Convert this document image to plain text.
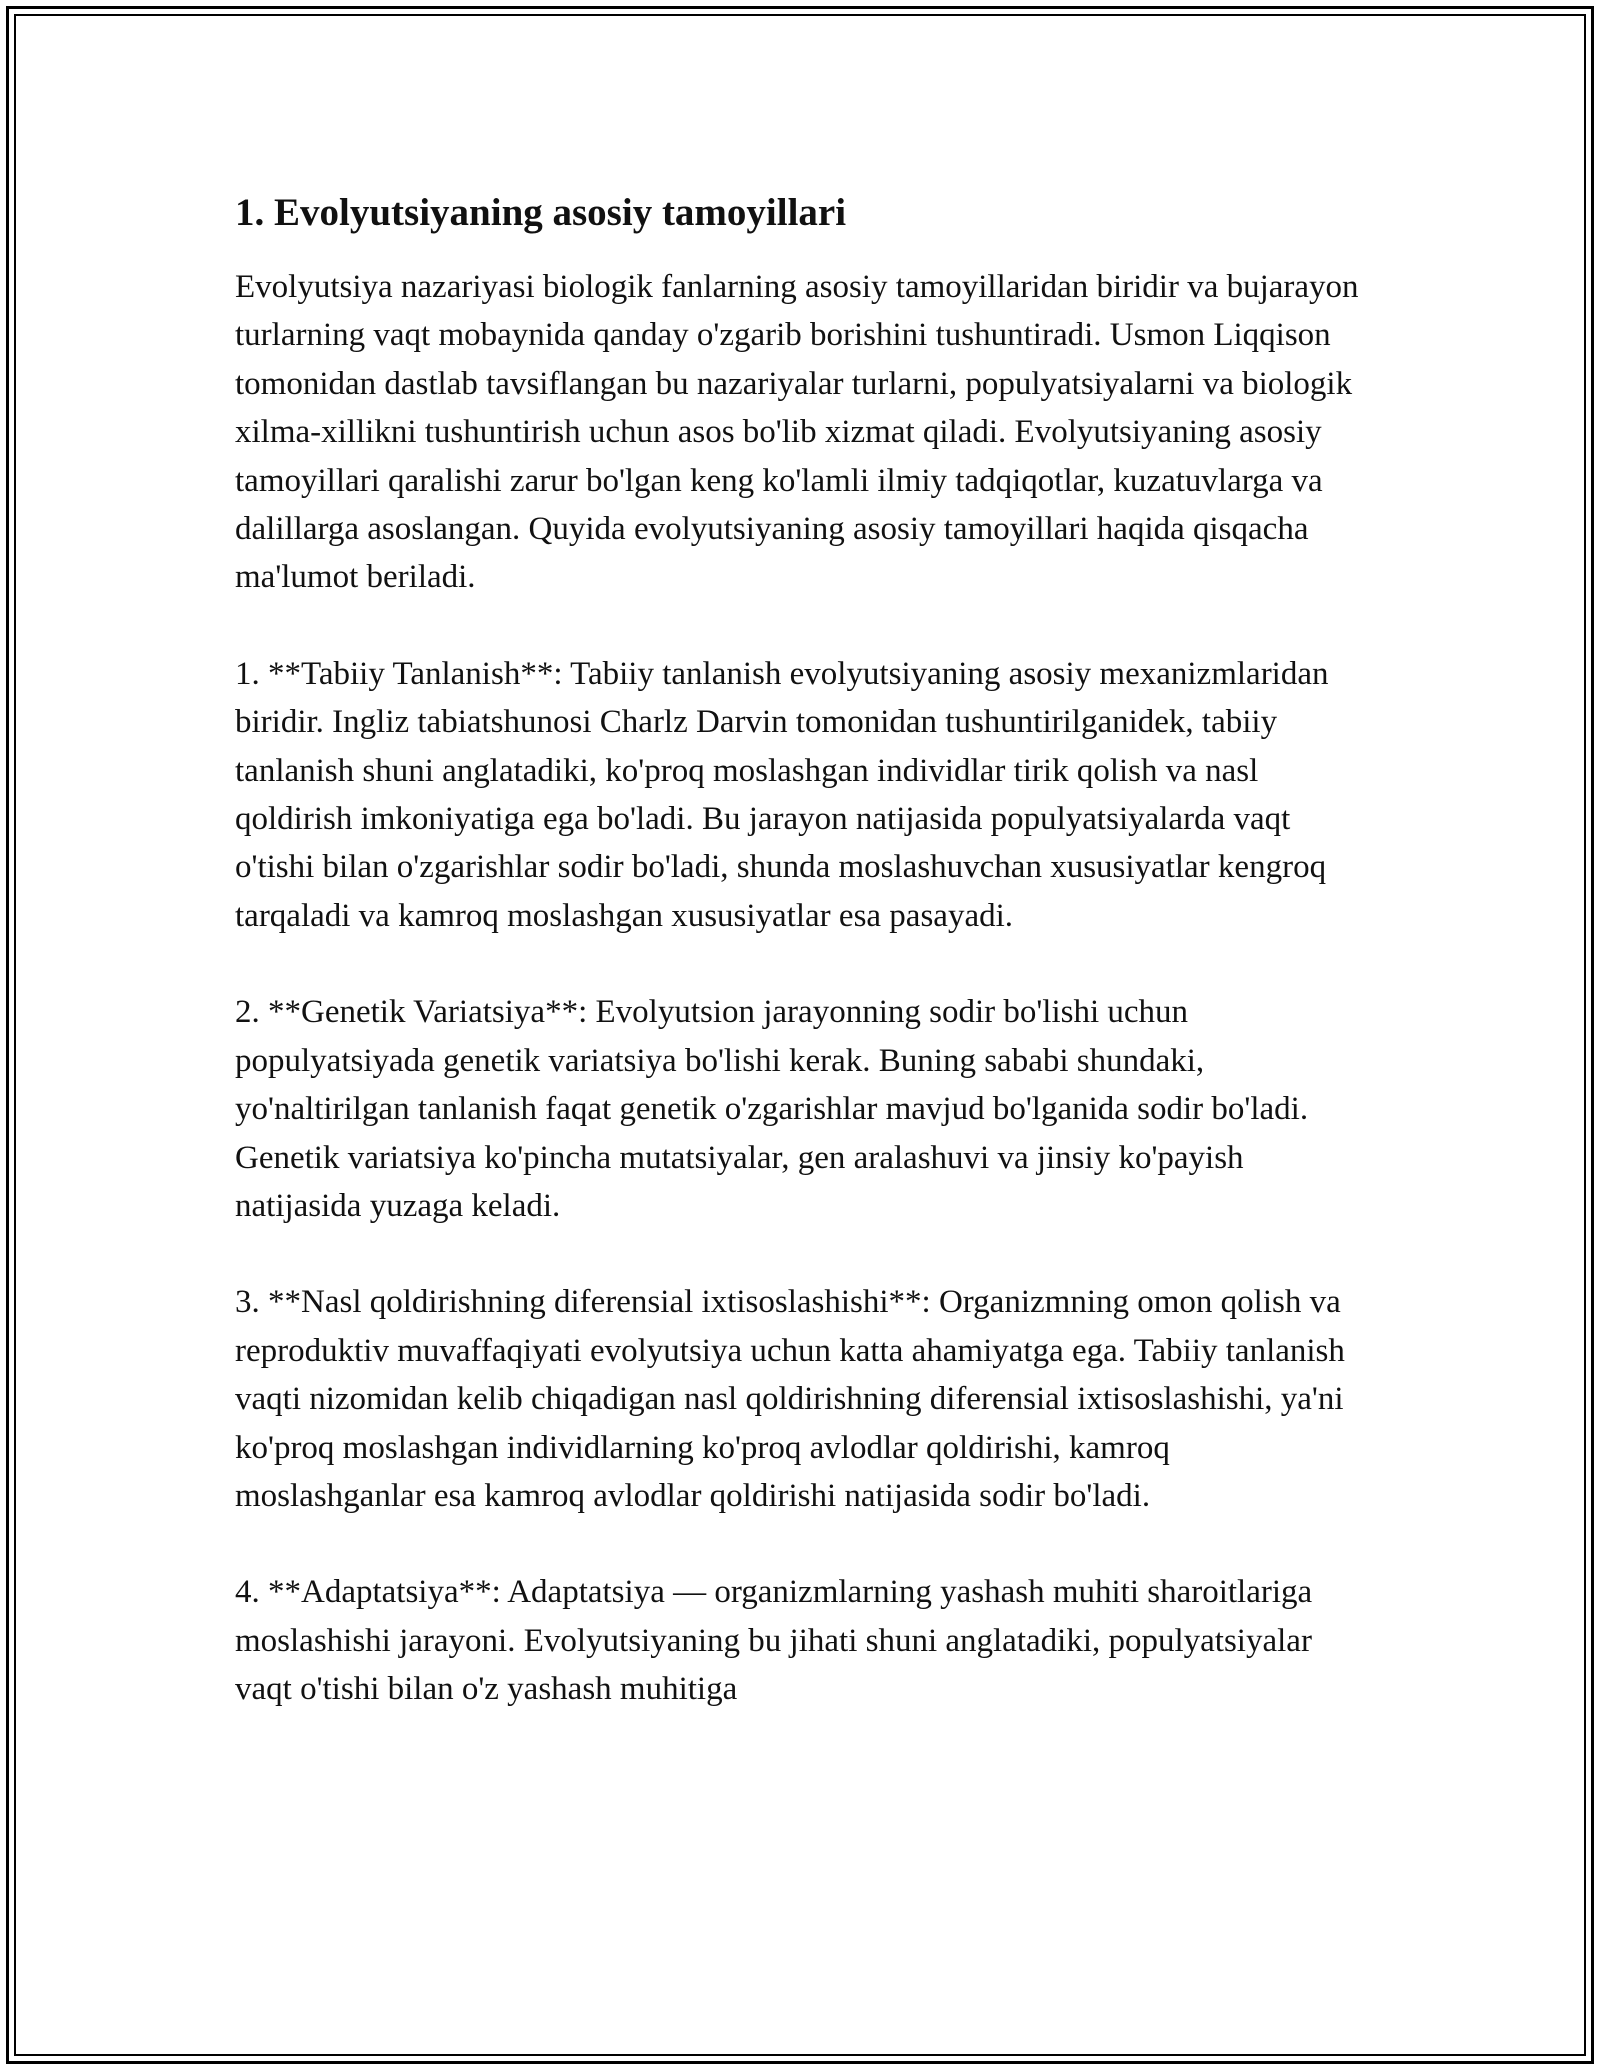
1. Evolyutsiyaning asosiy tamoyillari

Evolyutsiya nazariyasi biologik fanlarning asosiy tamoyillaridan biridir va bujarayon turlarning vaqt mobaynida qanday o'zgarib borishini tushuntiradi. Usmon Liqqison tomonidan dastlab tavsiflangan bu nazariyalar turlarni, populyatsiyalarni va biologik xilma-xillikni tushuntirish uchun asos bo'lib xizmat qiladi. Evolyutsiyaning asosiy tamoyillari qaralishi zarur bo'lgan keng ko'lamli ilmiy tadqiqotlar, kuzatuvlarga va dalillarga asoslangan. Quyida evolyutsiyaning asosiy tamoyillari haqida qisqacha ma'lumot beriladi.

1. **Tabiiy Tanlanish**: Tabiiy tanlanish evolyutsiyaning asosiy mexanizmlaridan biridir. Ingliz tabiatshunosi Charlz Darvin tomonidan tushuntirilganidek, tabiiy tanlanish shuni anglatadiki, ko'proq moslashgan individlar tirik qolish va nasl qoldirish imkoniyatiga ega bo'ladi. Bu jarayon natijasida populyatsiyalarda vaqt o'tishi bilan o'zgarishlar sodir bo'ladi, shunda moslashuvchan xususiyatlar kengroq tarqaladi va kamroq moslashgan xususiyatlar esa pasayadi.

2. **Genetik Variatsiya**: Evolyutsion jarayonning sodir bo'lishi uchun populyatsiyada genetik variatsiya bo'lishi kerak. Buning sababi shundaki, yo'naltirilgan tanlanish faqat genetik o'zgarishlar mavjud bo'lganida sodir bo'ladi. Genetik variatsiya ko'pincha mutatsiyalar, gen aralashuvi va jinsiy ko'payish natijasida yuzaga keladi.

3. **Nasl qoldirishning diferensial ixtisoslashishi**: Organizmning omon qolish va reproduktiv muvaffaqiyati evolyutsiya uchun katta ahamiyatga ega. Tabiiy tanlanish vaqti nizomidan kelib chiqadigan nasl qoldirishning diferensial ixtisoslashishi, ya'ni ko'proq moslashgan individlarning ko'proq avlodlar qoldirishi, kamroq moslashganlar esa kamroq avlodlar qoldirishi natijasida sodir bo'ladi.

4. **Adaptatsiya**: Adaptatsiya — organizmlarning yashash muhiti sharoitlariga moslashishi jarayoni. Evolyutsiyaning bu jihati shuni anglatadiki, populyatsiyalar vaqt o'tishi bilan o'z yashash muhitiga
